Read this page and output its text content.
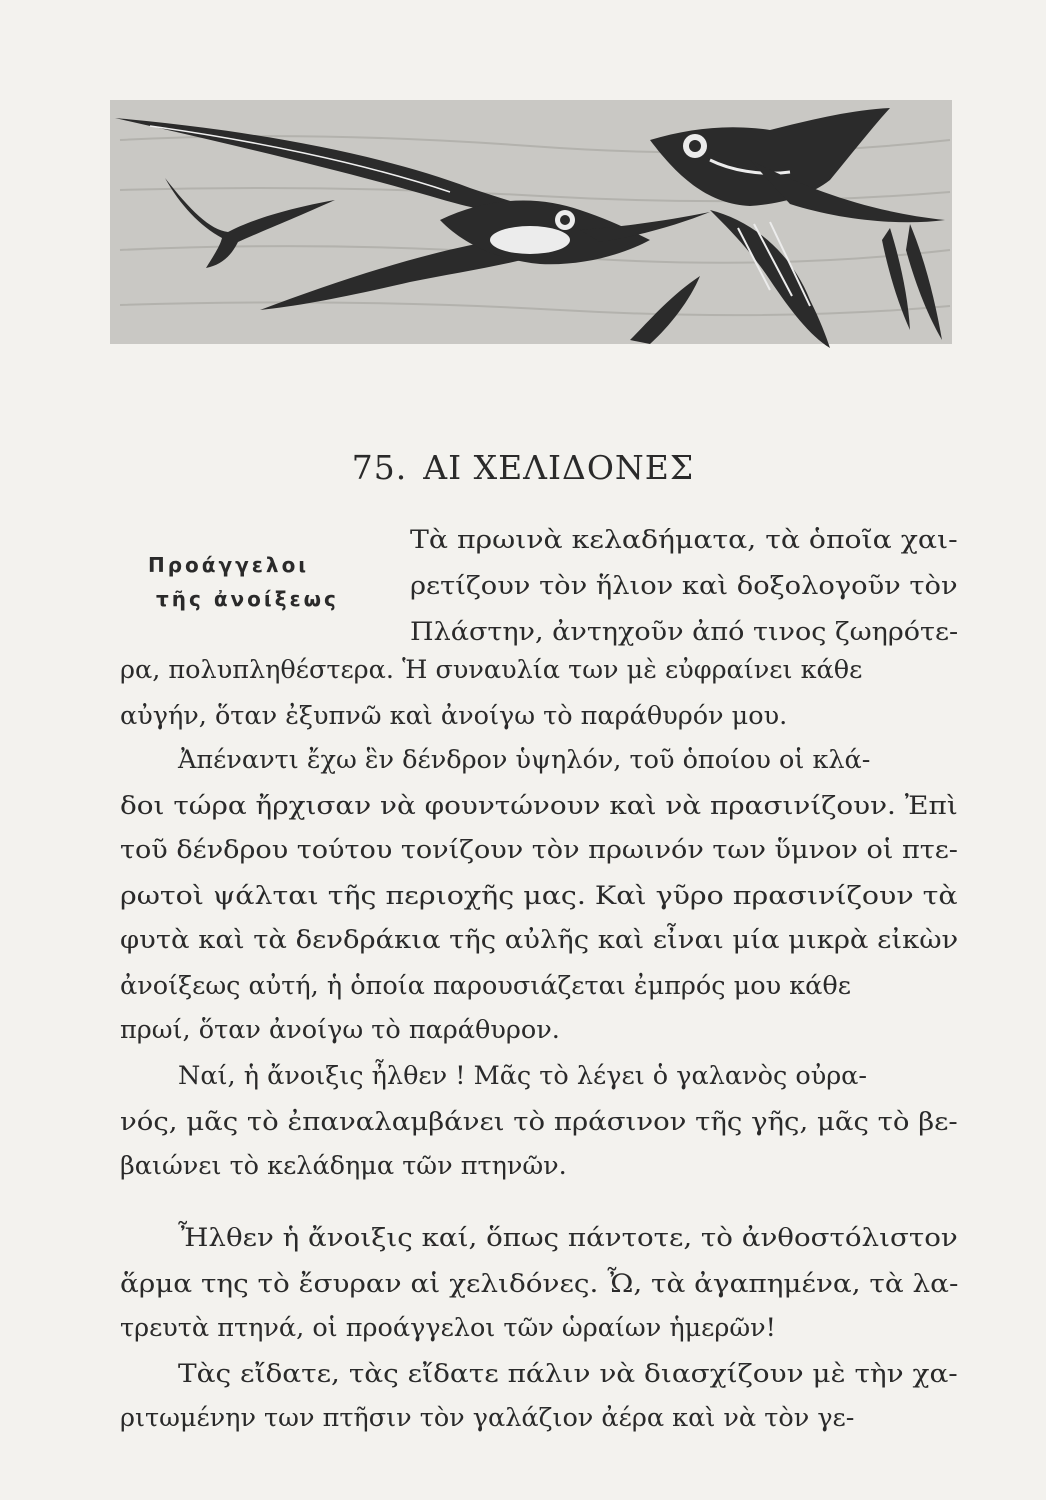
75. ΑΙ ΧΕΛΙΔΟΝΕΣ
Προάγγελοι
τῆς ἀνοίξεως
Τὰ πρωινὰ κελαδήματα, τὰ ὁποῖα χαι-
ρετίζουν τὸν ἥλιον καὶ δοξολογοῦν τὸν
Πλάστην, ἀντηχοῦν ἀπό τινος ζωηρότε-
ρα, πολυπληθέστερα. Ἡ συναυλία των μὲ εὐφραίνει κάθε
αὐγήν, ὅταν ἐξυπνῶ καὶ ἀνοίγω τὸ παράθυρόν μου.
Ἀπέναντι ἔχω ἓν δένδρον ὑψηλόν, τοῦ ὁποίου οἱ κλά-
δοι τώρα ἤρχισαν νὰ φουντώνουν καὶ νὰ πρασινίζουν. Ἐπὶ
τοῦ δένδρου τούτου τονίζουν τὸν πρωινόν των ὕμνον οἱ πτε-
ρωτοὶ ψάλται τῆς περιοχῆς μας. Καὶ γῦρο πρασινίζουν τὰ
φυτὰ καὶ τὰ δενδράκια τῆς αὐλῆς καὶ εἶναι μία μικρὰ εἰκὼν
ἀνοίξεως αὐτή, ἡ ὁποία παρουσιάζεται ἐμπρός μου κάθε
πρωί, ὅταν ἀνοίγω τὸ παράθυρον.
Ναί, ἡ ἄνοιξις ἦλθεν ! Μᾶς τὸ λέγει ὁ γαλανὸς οὐρα-
νός, μᾶς τὸ ἐπαναλαμβάνει τὸ πράσινον τῆς γῆς, μᾶς τὸ βε-
βαιώνει τὸ κελάδημα τῶν πτηνῶν.
Ἦλθεν ἡ ἄνοιξις καί, ὅπως πάντοτε, τὸ ἀνθοστόλιστον
ἅρμα της τὸ ἔσυραν αἱ χελιδόνες. Ὦ, τὰ ἀγαπημένα, τὰ λα-
τρευτὰ πτηνά, οἱ προάγγελοι τῶν ὡραίων ἡμερῶν!
Τὰς εἴδατε, τὰς εἴδατε πάλιν νὰ διασχίζουν μὲ τὴν χα-
ριτωμένην των πτῆσιν τὸν γαλάζιον ἀέρα καὶ νὰ τὸν γε-
